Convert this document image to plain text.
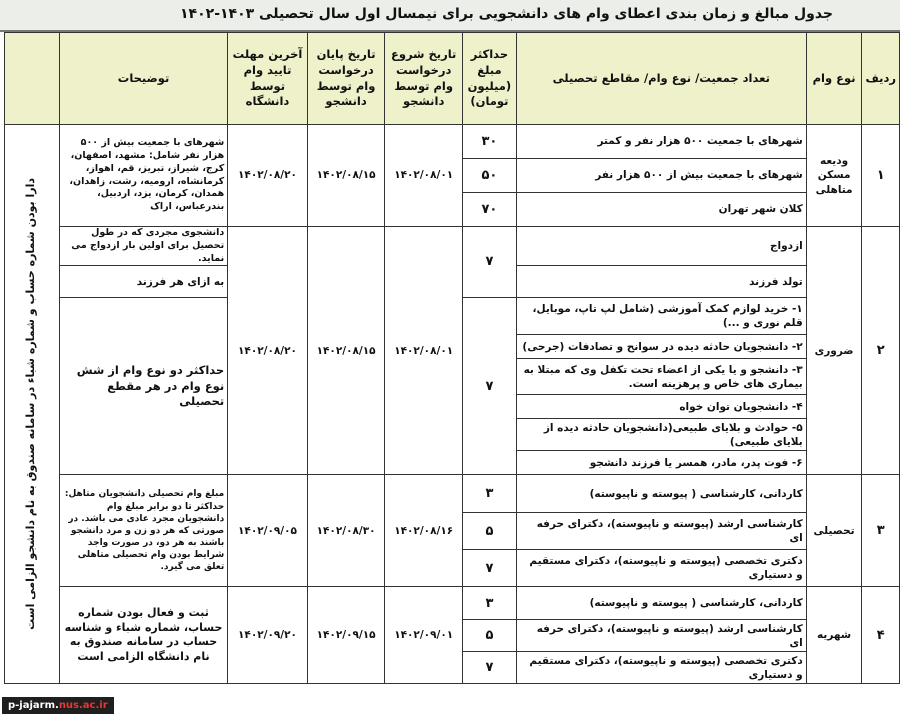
جدول مبالغ و زمان بندی اعطای وام های دانشجویی برای نیمسال اول سال تحصیلی ۱۴۰۳-۱۴۰۲
ردیف	نوع وام	تعداد جمعیت/ نوع وام/ مقاطع تحصیلی	حداکثر مبلغ (میلیون تومان)	تاریخ شروع درخواست وام توسط دانشجو	تاریخ پایان درخواست وام توسط دانشجو	آخرین مهلت تایید وام توسط دانشگاه	توضیحات	
۱	ودیعه مسکن متاهلی	شهرهای با جمعیت ۵۰۰ هزار نفر و کمتر	۳۰	۱۴۰۲/۰۸/۰۱	۱۴۰۲/۰۸/۱۵	۱۴۰۲/۰۸/۲۰	شهرهای با جمعیت بیش از ۵۰۰ هزار نفر شامل: مشهد، اصفهان، کرج، شیراز، تبریز، قم، اهواز، کرمانشاه، ارومیه، رشت، زاهدان، همدان، کرمان، یزد، اردبیل، بندرعباس، اراک	دارا بودن شماره حساب و شماره شباء در سامانه صندوق به نام دانشجو الزامی است

		شهرهای با جمعیت بیش از ۵۰۰ هزار نفر	۵۰					
		کلان شهر تهران	۷۰					
۲	ضروری	ازدواج	۷	۱۴۰۲/۰۸/۰۱	۱۴۰۲/۰۸/۱۵	۱۴۰۲/۰۸/۲۰	دانشجوی مجردی که در طول تحصیل برای اولین بار ازدواج می نماید.	
		تولد فرزند					به ازای هر فرزند	
		۱- خرید لوازم کمک آموزشی (شامل لپ تاپ، موبایل، قلم نوری و ...)	۷				حداکثر دو نوع وام از شش نوع وام در هر مقطع تحصیلی	
		۲- دانشجویان حادثه دیده در سوانح و تصادفات (جرحی)						
		۳- دانشجو و یا یکی از اعضاء تحت تکفل وی که مبتلا به بیماری های خاص و پرهزینه است.						
		۴- دانشجویان توان خواه						
		۵- حوادث و بلایای طبیعی(دانشجویان حادثه دیده از بلایای طبیعی)						
		۶- فوت پدر، مادر، همسر یا فرزند دانشجو						
۳	تحصیلی	کاردانی، کارشناسی ( پیوسته و ناپیوسته)	۳	۱۴۰۲/۰۸/۱۶	۱۴۰۲/۰۸/۳۰	۱۴۰۲/۰۹/۰۵	مبلغ وام تحصیلی دانشجویان متاهل: حداکثر تا دو برابر مبلغ وام دانشجویان مجرد عادی می باشد. در صورتی که هر دو زن و مرد دانشجو باشند به هر دو، در صورت واجد شرایط بودن وام تحصیلی متاهلی تعلق می گیرد.	
		کارشناسی ارشد (پیوسته و ناپیوسته)، دکترای حرفه ای	۵					
		دکتری تخصصی (پیوسته و ناپیوسته)، دکترای مستقیم و دستیاری	۷					
۴	شهریه	کاردانی، کارشناسی ( پیوسته و ناپیوسته)	۳	۱۴۰۲/۰۹/۰۱	۱۴۰۲/۰۹/۱۵	۱۴۰۲/۰۹/۲۰	ثبت و فعال بودن شماره حساب، شماره شباء و شناسه حساب در سامانه صندوق به نام دانشگاه الزامی است	
		کارشناسی ارشد (پیوسته و ناپیوسته)، دکترای حرفه ای	۵					
		دکتری تخصصی (پیوسته و ناپیوسته)، دکترای مستقیم و دستیاری	۷					
p-jajarm.nus.ac.ir
